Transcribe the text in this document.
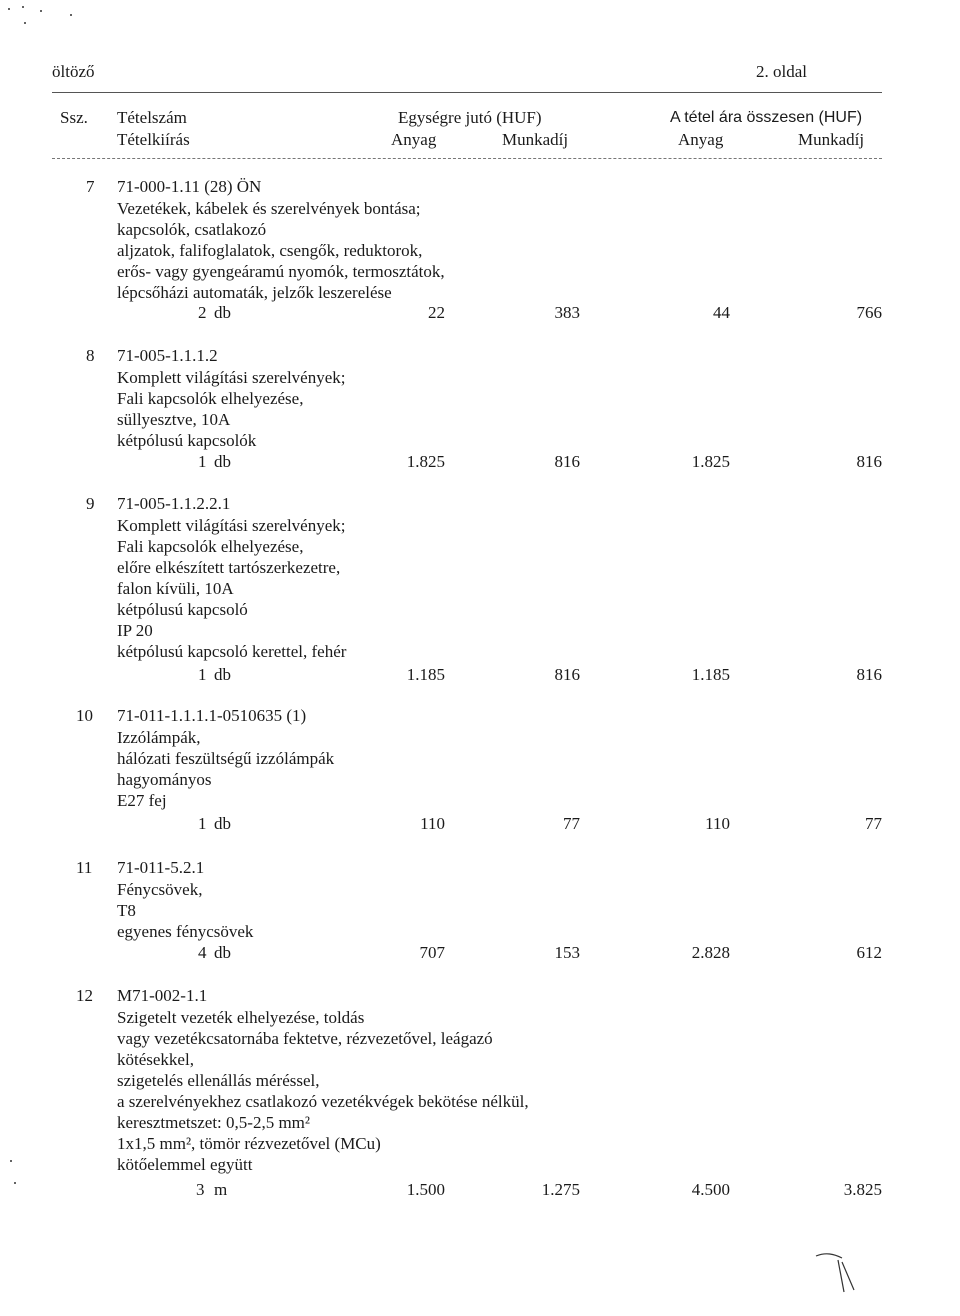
öltöző	2. oldal
Ssz. Tételszám
Tételkiírás
Egységre jutó (HUF)	A tétel ára összesen (HUF)
Anyag	Munkadíj	Anyag	Munkadíj
7 71-000-1.11 (28) ÖN
Vezetékek, kábelek és szerelvények bontása;
kapcsolók, csatlakozó
aljzatok, falifoglalatok, csengők, reduktorok,
erős- vagy gyengeáramú nyomók, termosztátok,
lépcsőházi automaták, jelzők leszerelése
2 db	22	383	44	766
8 71-005-1.1.1.2
Komplett világítási szerelvények;
Fali kapcsolók elhelyezése,
süllyesztve, 10A
kétpólusú kapcsolók
1 db	1.825	816	1.825	816
9 71-005-1.1.2.2.1
Komplett világítási szerelvények;
Fali kapcsolók elhelyezése,
előre elkészített tartószerkezetre,
falon kívüli, 10A
kétpólusú kapcsoló
IP 20
kétpólusú kapcsoló kerettel, fehér
1 db	1.185	816	1.185	816
10 71-011-1.1.1.1-0510635 (1)
Izzólámpák,
hálózati feszültségű izzólámpák
hagyományos
E27 fej
1 db	110	77	110	77
11 71-011-5.2.1
Fénycsövek,
T8
egyenes fénycsövek
4 db	707	153	2.828	612
12 M71-002-1.1
Szigetelt vezeték elhelyezése, toldás
vagy vezetékcsatornába fektetve, rézvezetővel, leágazó
kötésekkel,
szigetelés ellenállás méréssel,
a szerelvényekhez csatlakozó vezetékvégek bekötése nélkül,
keresztmetszet: 0,5-2,5 mm²
1x1,5 mm², tömör rézvezetővel (MCu)
kötőelemmel együtt
3 m	1.500	1.275	4.500	3.825
